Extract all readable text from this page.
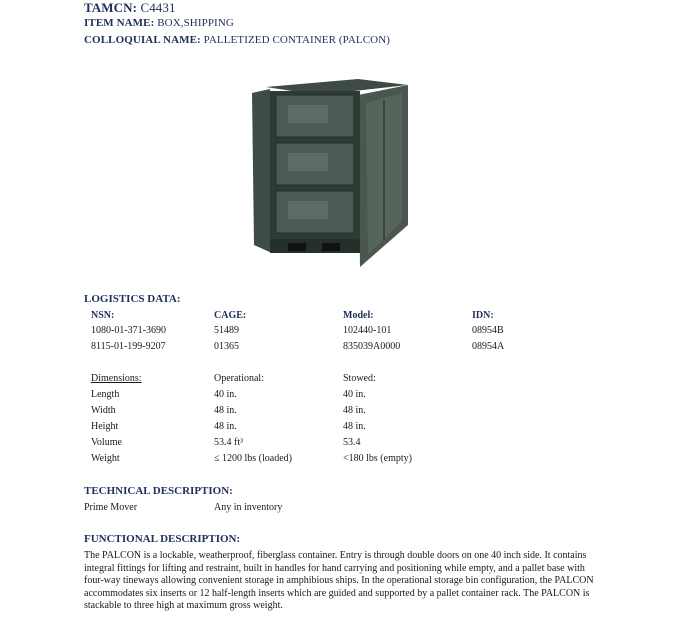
TAMCN: C4431
ITEM NAME: BOX,SHIPPING
COLLOQUIAL NAME: PALLETIZED CONTAINER (PALCON)
LOGISTICS DATA:
NSN:	CAGE:	Model:	IDN:
1080-01-371-3690	51489	102440-101	08954B
8115-01-199-9207	01365	835039A0000	08954A
Dimensions:	Operational:	Stowed:
Length	40 in.	40 in.
Width	48 in.	48 in.
Height	48 in.	48 in.
Volume	53.4 ft³	53.4
Weight	≤ 1200 lbs (loaded)	<180 lbs (empty)
TECHNICAL DESCRIPTION:
Prime Mover	Any in inventory
FUNCTIONAL DESCRIPTION:
The PALCON is a lockable, weatherproof, fiberglass container. Entry is through double doors on one 40 inch side. It contains integral fittings for lifting and restraint, built in handles for hand carrying and positioning while empty, and a pallet base with four-way tineways allowing convenient storage in amphibious ships. In the operational storage bin configuration, the PALCON accommodates six inserts or 12 half-length inserts which are guided and supported by a pallet container rack. The PALCON is stackable to three high at maximum gross weight.
